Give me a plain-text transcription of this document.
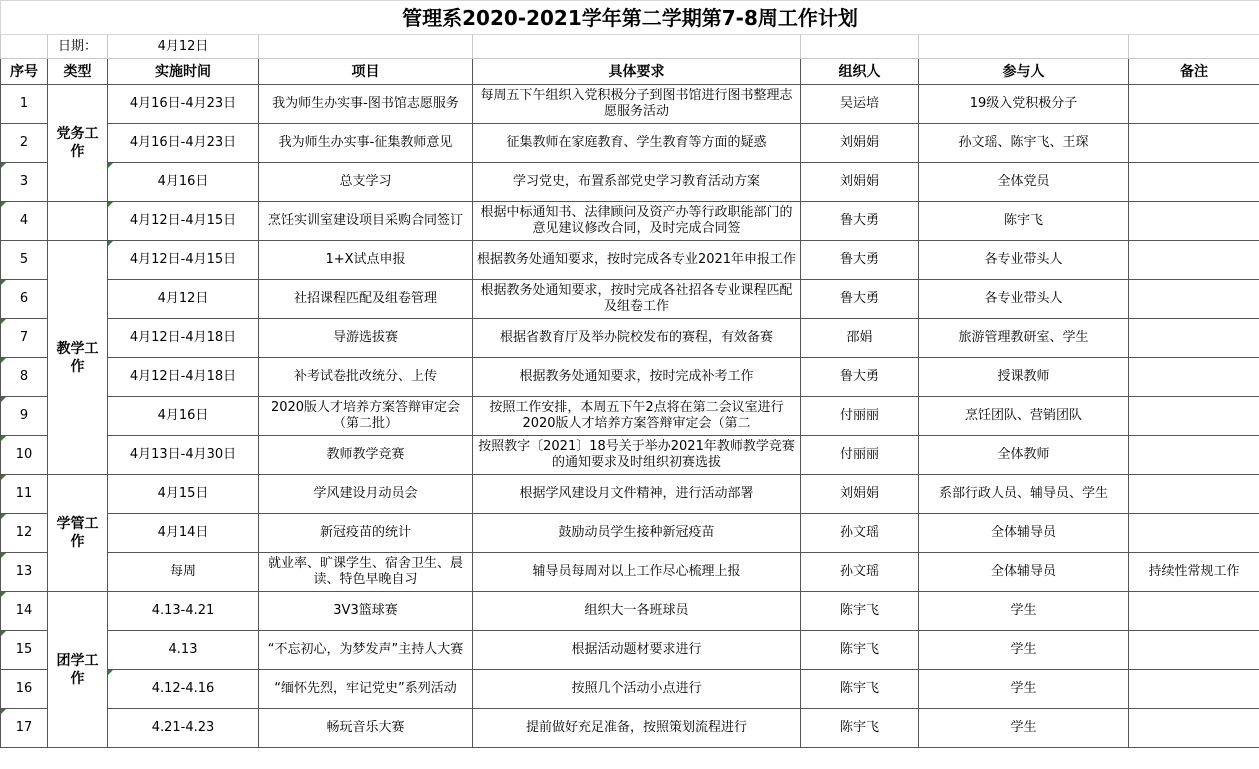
管理系2020-2021学年第二学期第7-8周工作计划							
	日期：	4月12日					
序号	类型	实施时间	项目	具体要求	组织人	参与人	备注

1	党务工作	4月16日-4月23日	我为师生办实事-图书馆志愿服务	每周五下午组织入党积极分子到图书馆进行图书整理志愿服务活动	吴运培	19级入党积极分子	

2		4月16日-4月23日	我为师生办实事-征集教师意见	征集教师在家庭教育、学生教育等方面的疑惑	刘娟娟	孙文瑶、陈宇飞、王琛	

3		4月16日	总支学习	学习党史，布置系部党史学习教育活动方案	刘娟娟	全体党员	

4		4月12日-4月15日	烹饪实训室建设项目采购合同签订	根据中标通知书、法律顾问及资产办等行政职能部门的意见建议修改合同，及时完成合同签	鲁大勇	陈宇飞	

5	教学工作	4月12日-4月15日	1+X试点申报	根据教务处通知要求，按时完成各专业2021年申报工作	鲁大勇	各专业带头人	

6		4月12日	社招课程匹配及组卷管理	根据教务处通知要求，按时完成各社招各专业课程匹配及组卷工作	鲁大勇	各专业带头人	

7		4月12日-4月18日	导游选拔赛	根据省教育厅及举办院校发布的赛程，有效备赛	邵娟	旅游管理教研室、学生	

8		4月12日-4月18日	补考试卷批改统分、上传	根据教务处通知要求，按时完成补考工作	鲁大勇	授课教师	

9		4月16日	2020版人才培养方案答辩审定会（第二批）	按照工作安排，本周五下午2点将在第二会议室进行2020版人才培养方案答辩审定会（第二	付丽丽	烹饪团队、营销团队	

10		4月13日-4月30日	教师教学竞赛	按照教字〔2021〕18号关于举办2021年教师教学竞赛的通知要求及时组织初赛选拔	付丽丽	全体教师	

11	学管工作	4月15日	学风建设月动员会	根据学风建设月文件精神，进行活动部署	刘娟娟	系部行政人员、辅导员、学生	

12		4月14日	新冠疫苗的统计	鼓励动员学生接种新冠疫苗	孙文瑶	全体辅导员	

13		每周	就业率、旷课学生、宿舍卫生、晨读、特色早晚自习	辅导员每周对以上工作尽心梳理上报	孙文瑶	全体辅导员	持续性常规工作

14	团学工作	4.13-4.21	3V3篮球赛	组织大一各班球员	陈宇飞	学生	

15		4.13	“不忘初心，为梦发声”主持人大赛	根据活动题材要求进行	陈宇飞	学生	

16		4.12-4.16	“缅怀先烈，牢记党史”系列活动	按照几个活动小点进行	陈宇飞	学生	

17		4.21-4.23	畅玩音乐大赛	提前做好充足准备，按照策划流程进行	陈宇飞	学生	
